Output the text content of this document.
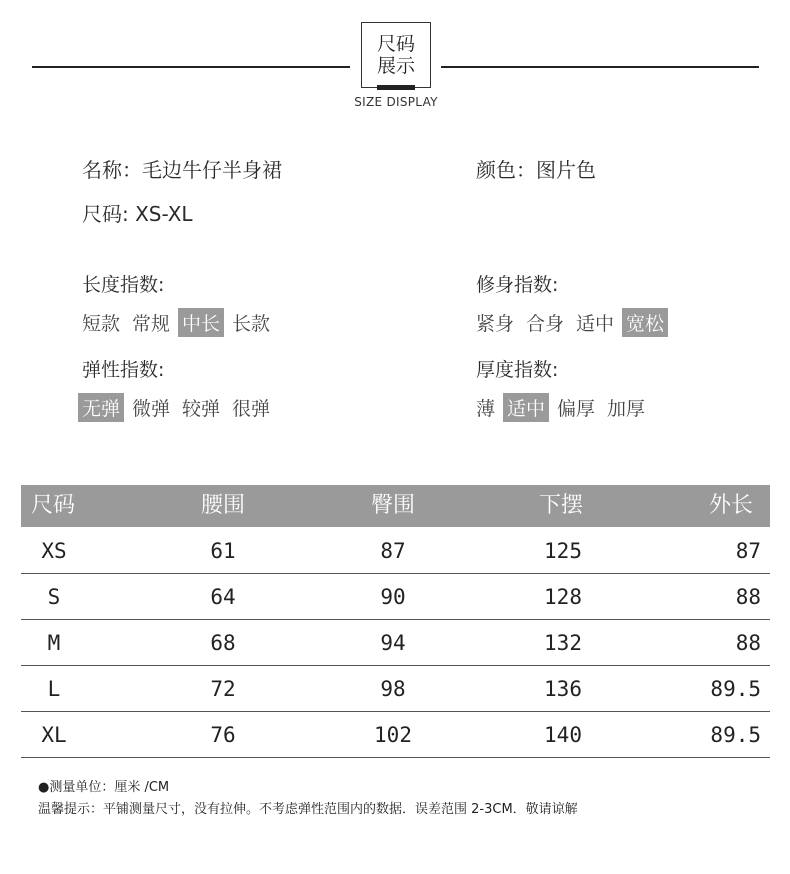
尺码
展示
SIZE DISPLAY
名称：毛边牛仔半身裙	颜色：图片色
尺码: XS-XL
长度指数:
短款 常规 中长 长款
修身指数:
紧身 合身 适中 宽松
弹性指数:
无弹 微弹 较弹 很弹
厚度指数:
薄 适中 偏厚 加厚
尺码	腰围	臀围	下摆	外长
XS	61	87	125	87
S	64	90	128	88
M	68	94	132	88
L	72	98	136	89.5
XL	76	102	140	89.5
●测量单位：厘米 /CM
温馨提示：平铺测量尺寸，没有拉伸。不考虑弹性范围内的数据．误差范围 2-3CM．敬请谅解
